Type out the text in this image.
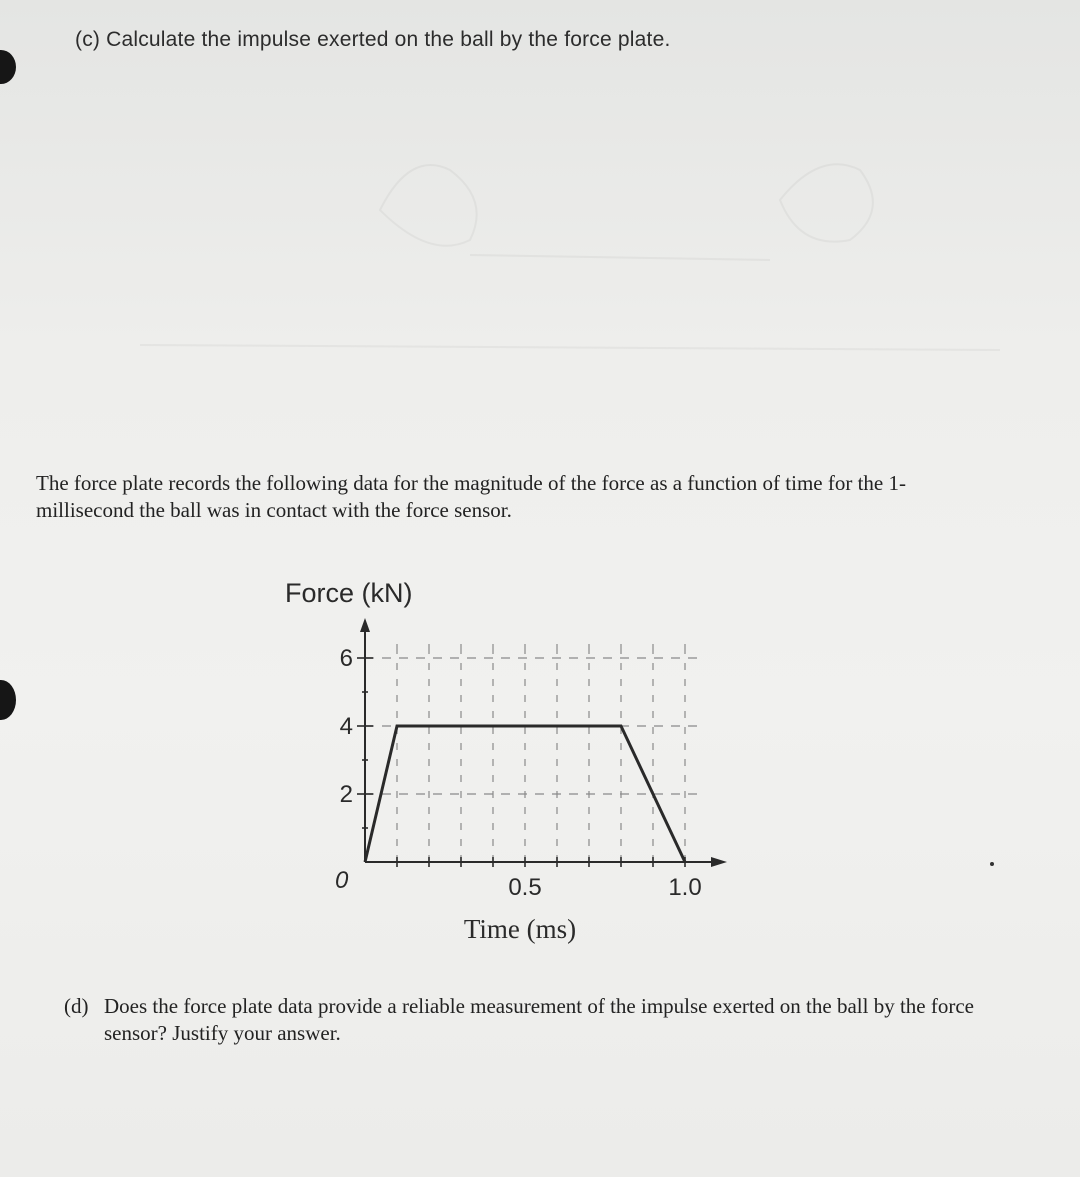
(c) Calculate the impulse exerted on the ball by the force plate.
The force plate records the following data for the magnitude of the force as a function of time for the 1-millisecond the ball was in contact with the force sensor.
Force (kN)
Time (ms)
2
4
6
0.5	1.0
0
(d) Does the force plate data provide a reliable measurement of the impulse exerted on the ball by the force
sensor? Justify your answer.
